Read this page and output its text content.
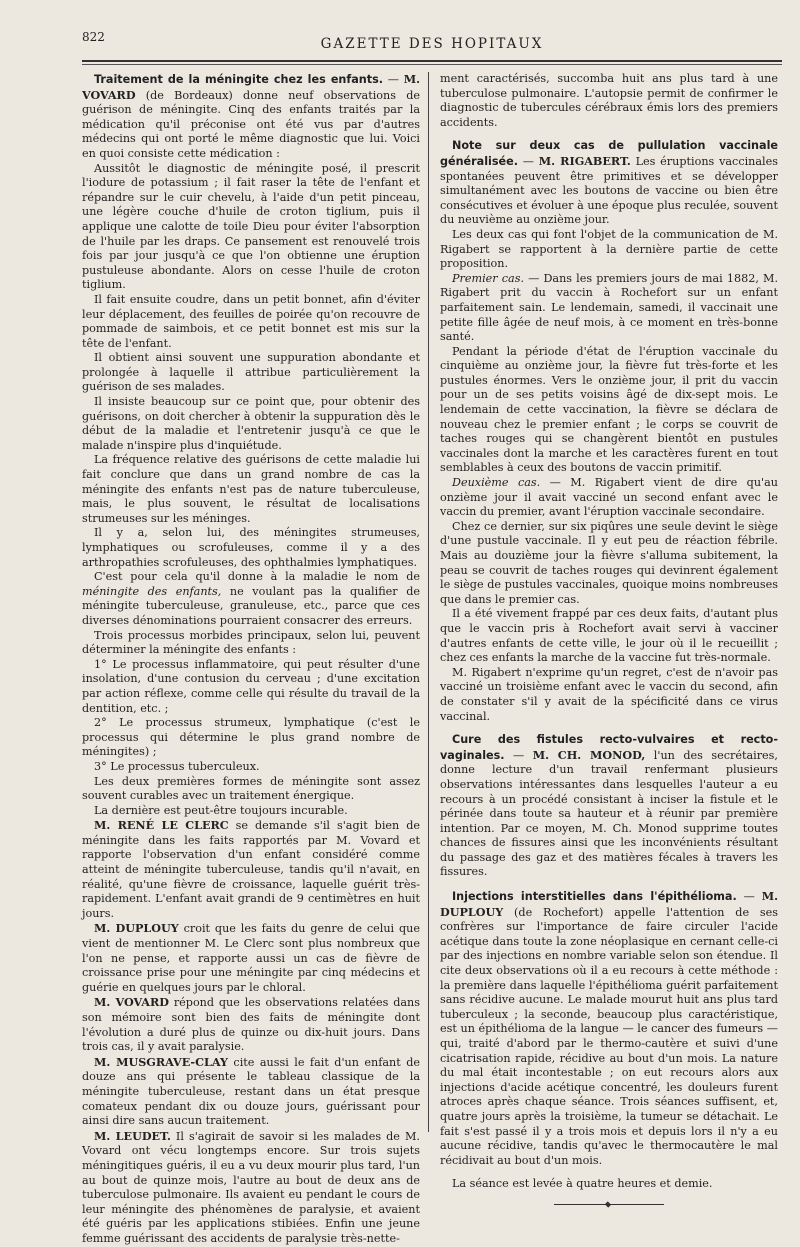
822	GAZETTE DES HOPITAUX

Traitement de la méningite chez les enfants. — M. VOVARD (de Bordeaux) donne neuf observations de guérison de méningite. Cinq des enfants traités par la médication qu'il préconise ont été vus par d'autres médecins qui ont porté le même diagnostic que lui. Voici en quoi consiste cette médication :

Aussitôt le diagnostic de méningite posé, il prescrit l'iodure de potassium ; il fait raser la tête de l'enfant et répandre sur le cuir chevelu, à l'aide d'un petit pinceau, une légère couche d'huile de croton tiglium, puis il applique une calotte de toile Dieu pour éviter l'absorption de l'huile par les draps. Ce pansement est renouvelé trois fois par jour jusqu'à ce que l'on obtienne une éruption pustuleuse abondante. Alors on cesse l'huile de croton tiglium.

Il fait ensuite coudre, dans un petit bonnet, afin d'éviter leur déplacement, des feuilles de poirée qu'on recouvre de pommade de saimbois, et ce petit bonnet est mis sur la tête de l'enfant.

Il obtient ainsi souvent une suppuration abondante et prolongée à laquelle il attribue particulièrement la guérison de ses malades.

Il insiste beaucoup sur ce point que, pour obtenir des guérisons, on doit chercher à obtenir la suppuration dès le début de la maladie et l'entretenir jusqu'à ce que le malade n'inspire plus d'inquiétude.

La fréquence relative des guérisons de cette maladie lui fait conclure que dans un grand nombre de cas la méningite des enfants n'est pas de nature tuberculeuse, mais, le plus souvent, le résultat de localisations strumeuses sur les méninges.

Il y a, selon lui, des méningites strumeuses, lymphatiques ou scrofuleuses, comme il y a des arthropathies scrofuleuses, des ophthalmies lymphatiques.

C'est pour cela qu'il donne à la maladie le nom de méningite des enfants, ne voulant pas la qualifier de méningite tuberculeuse, granuleuse, etc., parce que ces diverses dénominations pourraient consacrer des erreurs.

Trois processus morbides principaux, selon lui, peuvent déterminer la méningite des enfants :

1° Le processus inflammatoire, qui peut résulter d'une insolation, d'une contusion du cerveau ; d'une excitation par action réflexe, comme celle qui résulte du travail de la dentition, etc. ;

2° Le processus strumeux, lymphatique (c'est le processus qui détermine le plus grand nombre de méningites) ;

3° Le processus tuberculeux.

Les deux premières formes de méningite sont assez souvent curables avec un traitement énergique.

La dernière est peut-être toujours incurable.

M. RENÉ LE CLERC se demande s'il s'agit bien de méningite dans les faits rapportés par M. Vovard et rapporte l'observation d'un enfant considéré comme atteint de méningite tuberculeuse, tandis qu'il n'avait, en réalité, qu'une fièvre de croissance, laquelle guérit très-rapidement. L'enfant avait grandi de 9 centimètres en huit jours.

M. DUPLOUY croit que les faits du genre de celui que vient de mentionner M. Le Clerc sont plus nombreux que l'on ne pense, et rapporte aussi un cas de fièvre de croissance prise pour une méningite par cinq médecins et guérie en quelques jours par le chloral.

M. VOVARD répond que les observations relatées dans son mémoire sont bien des faits de méningite dont l'évolution a duré plus de quinze ou dix-huit jours. Dans trois cas, il y avait paralysie.

M. MUSGRAVE-CLAY cite aussi le fait d'un enfant de douze ans qui présente le tableau classique de la méningite tuberculeuse, restant dans un état presque comateux pendant dix ou douze jours, guérissant pour ainsi dire sans aucun traitement.

M. LEUDET. Il s'agirait de savoir si les malades de M. Vovard ont vécu longtemps encore. Sur trois sujets méningitiques guéris, il eu a vu deux mourir plus tard, l'un au bout de quinze mois, l'autre au bout de deux ans de tuberculose pulmonaire. Ils avaient eu pendant le cours de leur méningite des phénomènes de paralysie, et avaient été guéris par les applications stibiées. Enfin une jeune femme guérissant des accidents de paralysie très-nette-

ment caractérisés, succomba huit ans plus tard à une tuberculose pulmonaire. L'autopsie permit de confirmer le diagnostic de tubercules cérébraux émis lors des premiers accidents.

Note sur deux cas de pullulation vaccinale généralisée. — M. RIGABERT. Les éruptions vaccinales spontanées peuvent être primitives et se développer simultanément avec les boutons de vaccine ou bien être consécutives et évoluer à une époque plus reculée, souvent du neuvième au onzième jour.

Les deux cas qui font l'objet de la communication de M. Rigabert se rapportent à la dernière partie de cette proposition.

Premier cas. — Dans les premiers jours de mai 1882, M. Rigabert prit du vaccin à Rochefort sur un enfant parfaitement sain. Le lendemain, samedi, il vaccinait une petite fille âgée de neuf mois, à ce moment en très-bonne santé.

Pendant la période d'état de l'éruption vaccinale du cinquième au onzième jour, la fièvre fut très-forte et les pustules énormes. Vers le onzième jour, il prit du vaccin pour un de ses petits voisins âgé de dix-sept mois. Le lendemain de cette vaccination, la fièvre se déclara de nouveau chez le premier enfant ; le corps se couvrit de taches rouges qui se changèrent bientôt en pustules vaccinales dont la marche et les caractères furent en tout semblables à ceux des boutons de vaccin primitif.

Deuxième cas. — M. Rigabert vient de dire qu'au onzième jour il avait vacciné un second enfant avec le vaccin du premier, avant l'éruption vaccinale secondaire.

Chez ce dernier, sur six piqûres une seule devint le siège d'une pustule vaccinale. Il y eut peu de réaction fébrile. Mais au douzième jour la fièvre s'alluma subitement, la peau se couvrit de taches rouges qui devinrent également le siège de pustules vaccinales, quoique moins nombreuses que dans le premier cas.

Il a été vivement frappé par ces deux faits, d'autant plus que le vaccin pris à Rochefort avait servi à vacciner d'autres enfants de cette ville, le jour où il le recueillit ; chez ces enfants la marche de la vaccine fut très-normale.

M. Rigabert n'exprime qu'un regret, c'est de n'avoir pas vacciné un troisième enfant avec le vaccin du second, afin de constater s'il y avait de la spécificité dans ce virus vaccinal.

Cure des fistules recto-vulvaires et recto-vaginales. — M. CH. MONOD, l'un des secrétaires, donne lecture d'un travail renfermant plusieurs observations intéressantes dans lesquelles l'auteur a eu recours à un procédé consistant à inciser la fistule et le périnée dans toute sa hauteur et à réunir par première intention. Par ce moyen, M. Ch. Monod supprime toutes chances de fissures ainsi que les inconvénients résultant du passage des gaz et des matières fécales à travers les fissures.

Injections interstitielles dans l'épithélioma. — M. DUPLOUY (de Rochefort) appelle l'attention de ses confrères sur l'importance de faire circuler l'acide acétique dans toute la zone néoplasique en cernant celle-ci par des injections en nombre variable selon son étendue. Il cite deux observations où il a eu recours à cette méthode : la première dans laquelle l'épithélioma guérit parfaitement sans récidive aucune. Le malade mourut huit ans plus tard tuberculeux ; la seconde, beaucoup plus caractéristique, est un épithélioma de la langue — le cancer des fumeurs — qui, traité d'abord par le thermo-cautère et suivi d'une cicatrisation rapide, récidive au bout d'un mois. La nature du mal était incontestable ; on eut recours alors aux injections d'acide acétique concentré, les douleurs furent atroces après chaque séance. Trois séances suffisent, et, quatre jours après la troisième, la tumeur se détachait. Le fait s'est passé il y a trois mois et depuis lors il n'y a eu aucune récidive, tandis qu'avec le thermocautère le mal récidivait au bout d'un mois.

La séance est levée à quatre heures et demie.
